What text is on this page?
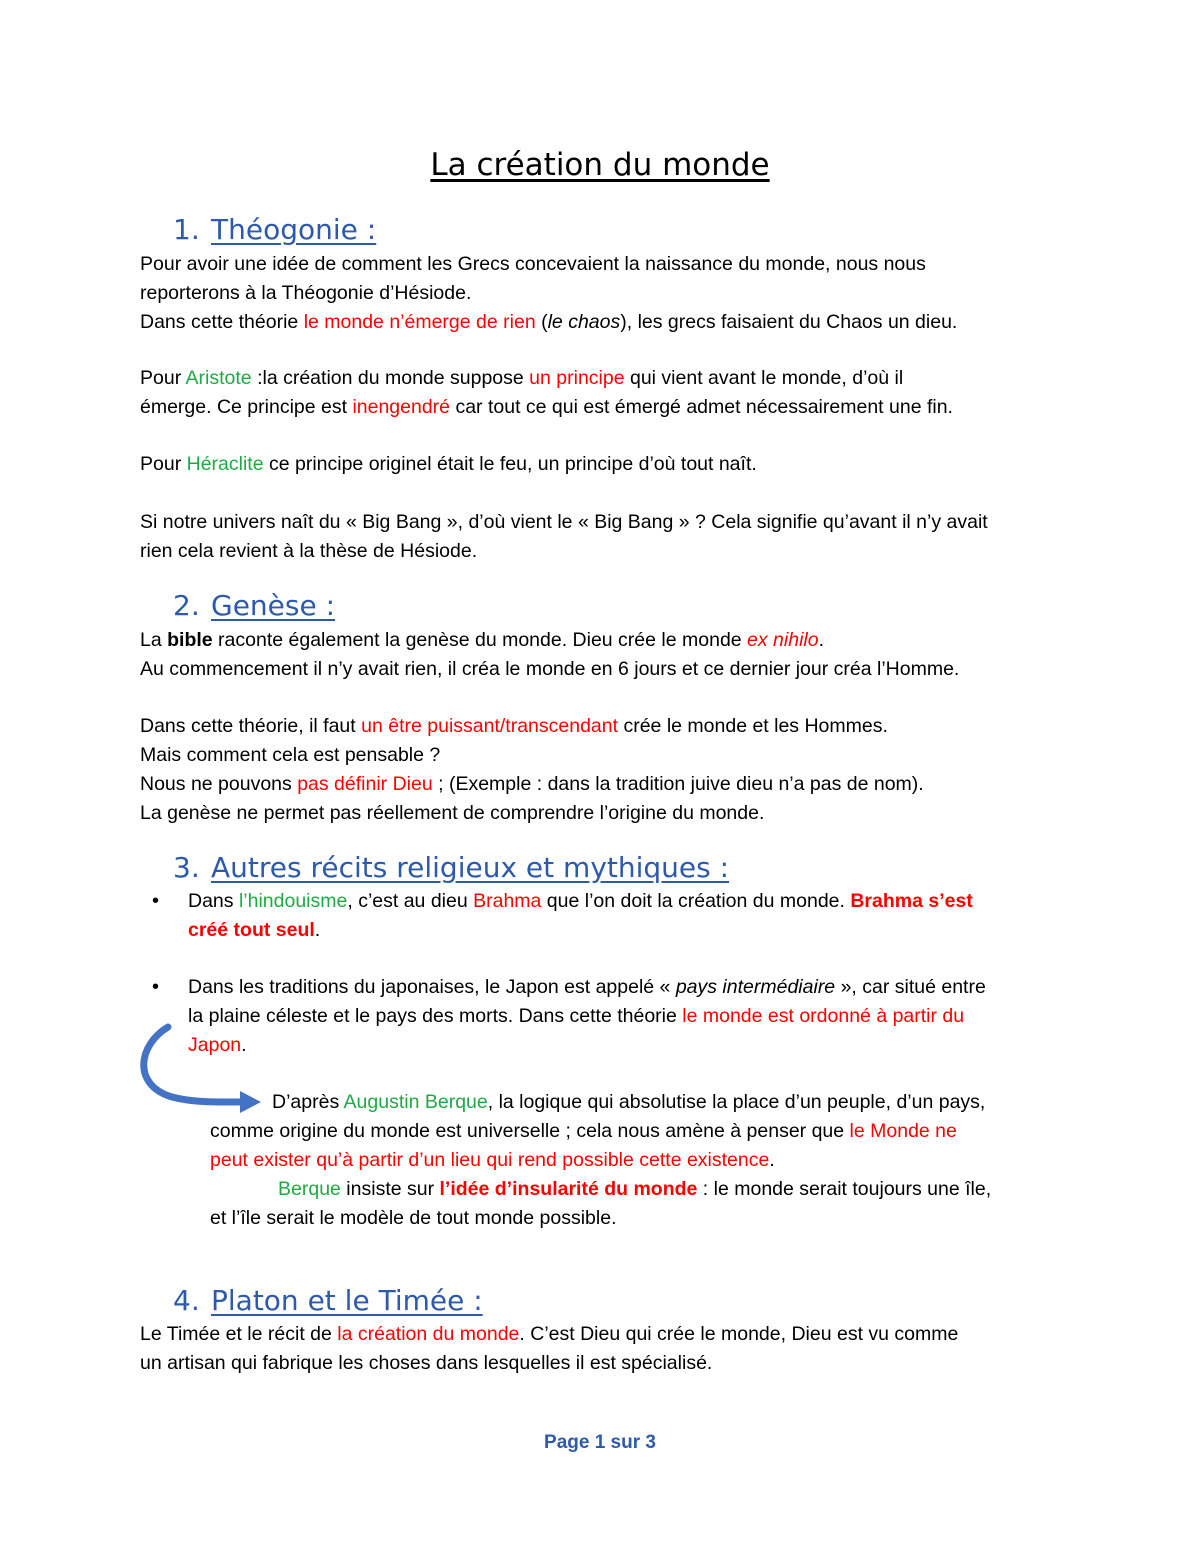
La création du monde
1. Théogonie :
Pour avoir une idée de comment les Grecs concevaient la naissance du monde, nous nous
reporterons à la Théogonie d’Hésiode.
Dans cette théorie le monde n’émerge de rien (le chaos), les grecs faisaient du Chaos un dieu.
Pour Aristote :la création du monde suppose un principe qui vient avant le monde, d’où il
émerge. Ce principe est inengendré car tout ce qui est émergé admet nécessairement une fin.
Pour Héraclite ce principe originel était le feu, un principe d’où tout naît.
Si notre univers naît du « Big Bang », d’où vient le « Big Bang » ? Cela signifie qu’avant il n’y avait
rien cela revient à la thèse de Hésiode.
2. Genèse :
La bible raconte également la genèse du monde. Dieu crée le monde ex nihilo.
Au commencement il n’y avait rien, il créa le monde en 6 jours et ce dernier jour créa l’Homme.
Dans cette théorie, il faut un être puissant/transcendant crée le monde et les Hommes.
Mais comment cela est pensable ?
Nous ne pouvons pas définir Dieu ; (Exemple : dans la tradition juive dieu n’a pas de nom).
La genèse ne permet pas réellement de comprendre l’origine du monde.
3. Autres récits religieux et mythiques :
• Dans l’hindouisme, c’est au dieu Brahma que l’on doit la création du monde. Brahma s’est
créé tout seul.
• Dans les traditions du japonaises, le Japon est appelé « pays intermédiaire », car situé entre
la plaine céleste et le pays des morts. Dans cette théorie le monde est ordonné à partir du
Japon.
D’après Augustin Berque, la logique qui absolutise la place d’un peuple, d’un pays,
comme origine du monde est universelle ; cela nous amène à penser que le Monde ne
peut exister qu’à partir d’un lieu qui rend possible cette existence.
Berque insiste sur l’idée d’insularité du monde : le monde serait toujours une île,
et l’île serait le modèle de tout monde possible.
4. Platon et le Timée :
Le Timée et le récit de la création du monde. C’est Dieu qui crée le monde, Dieu est vu comme
un artisan qui fabrique les choses dans lesquelles il est spécialisé.
Page 1 sur 3
